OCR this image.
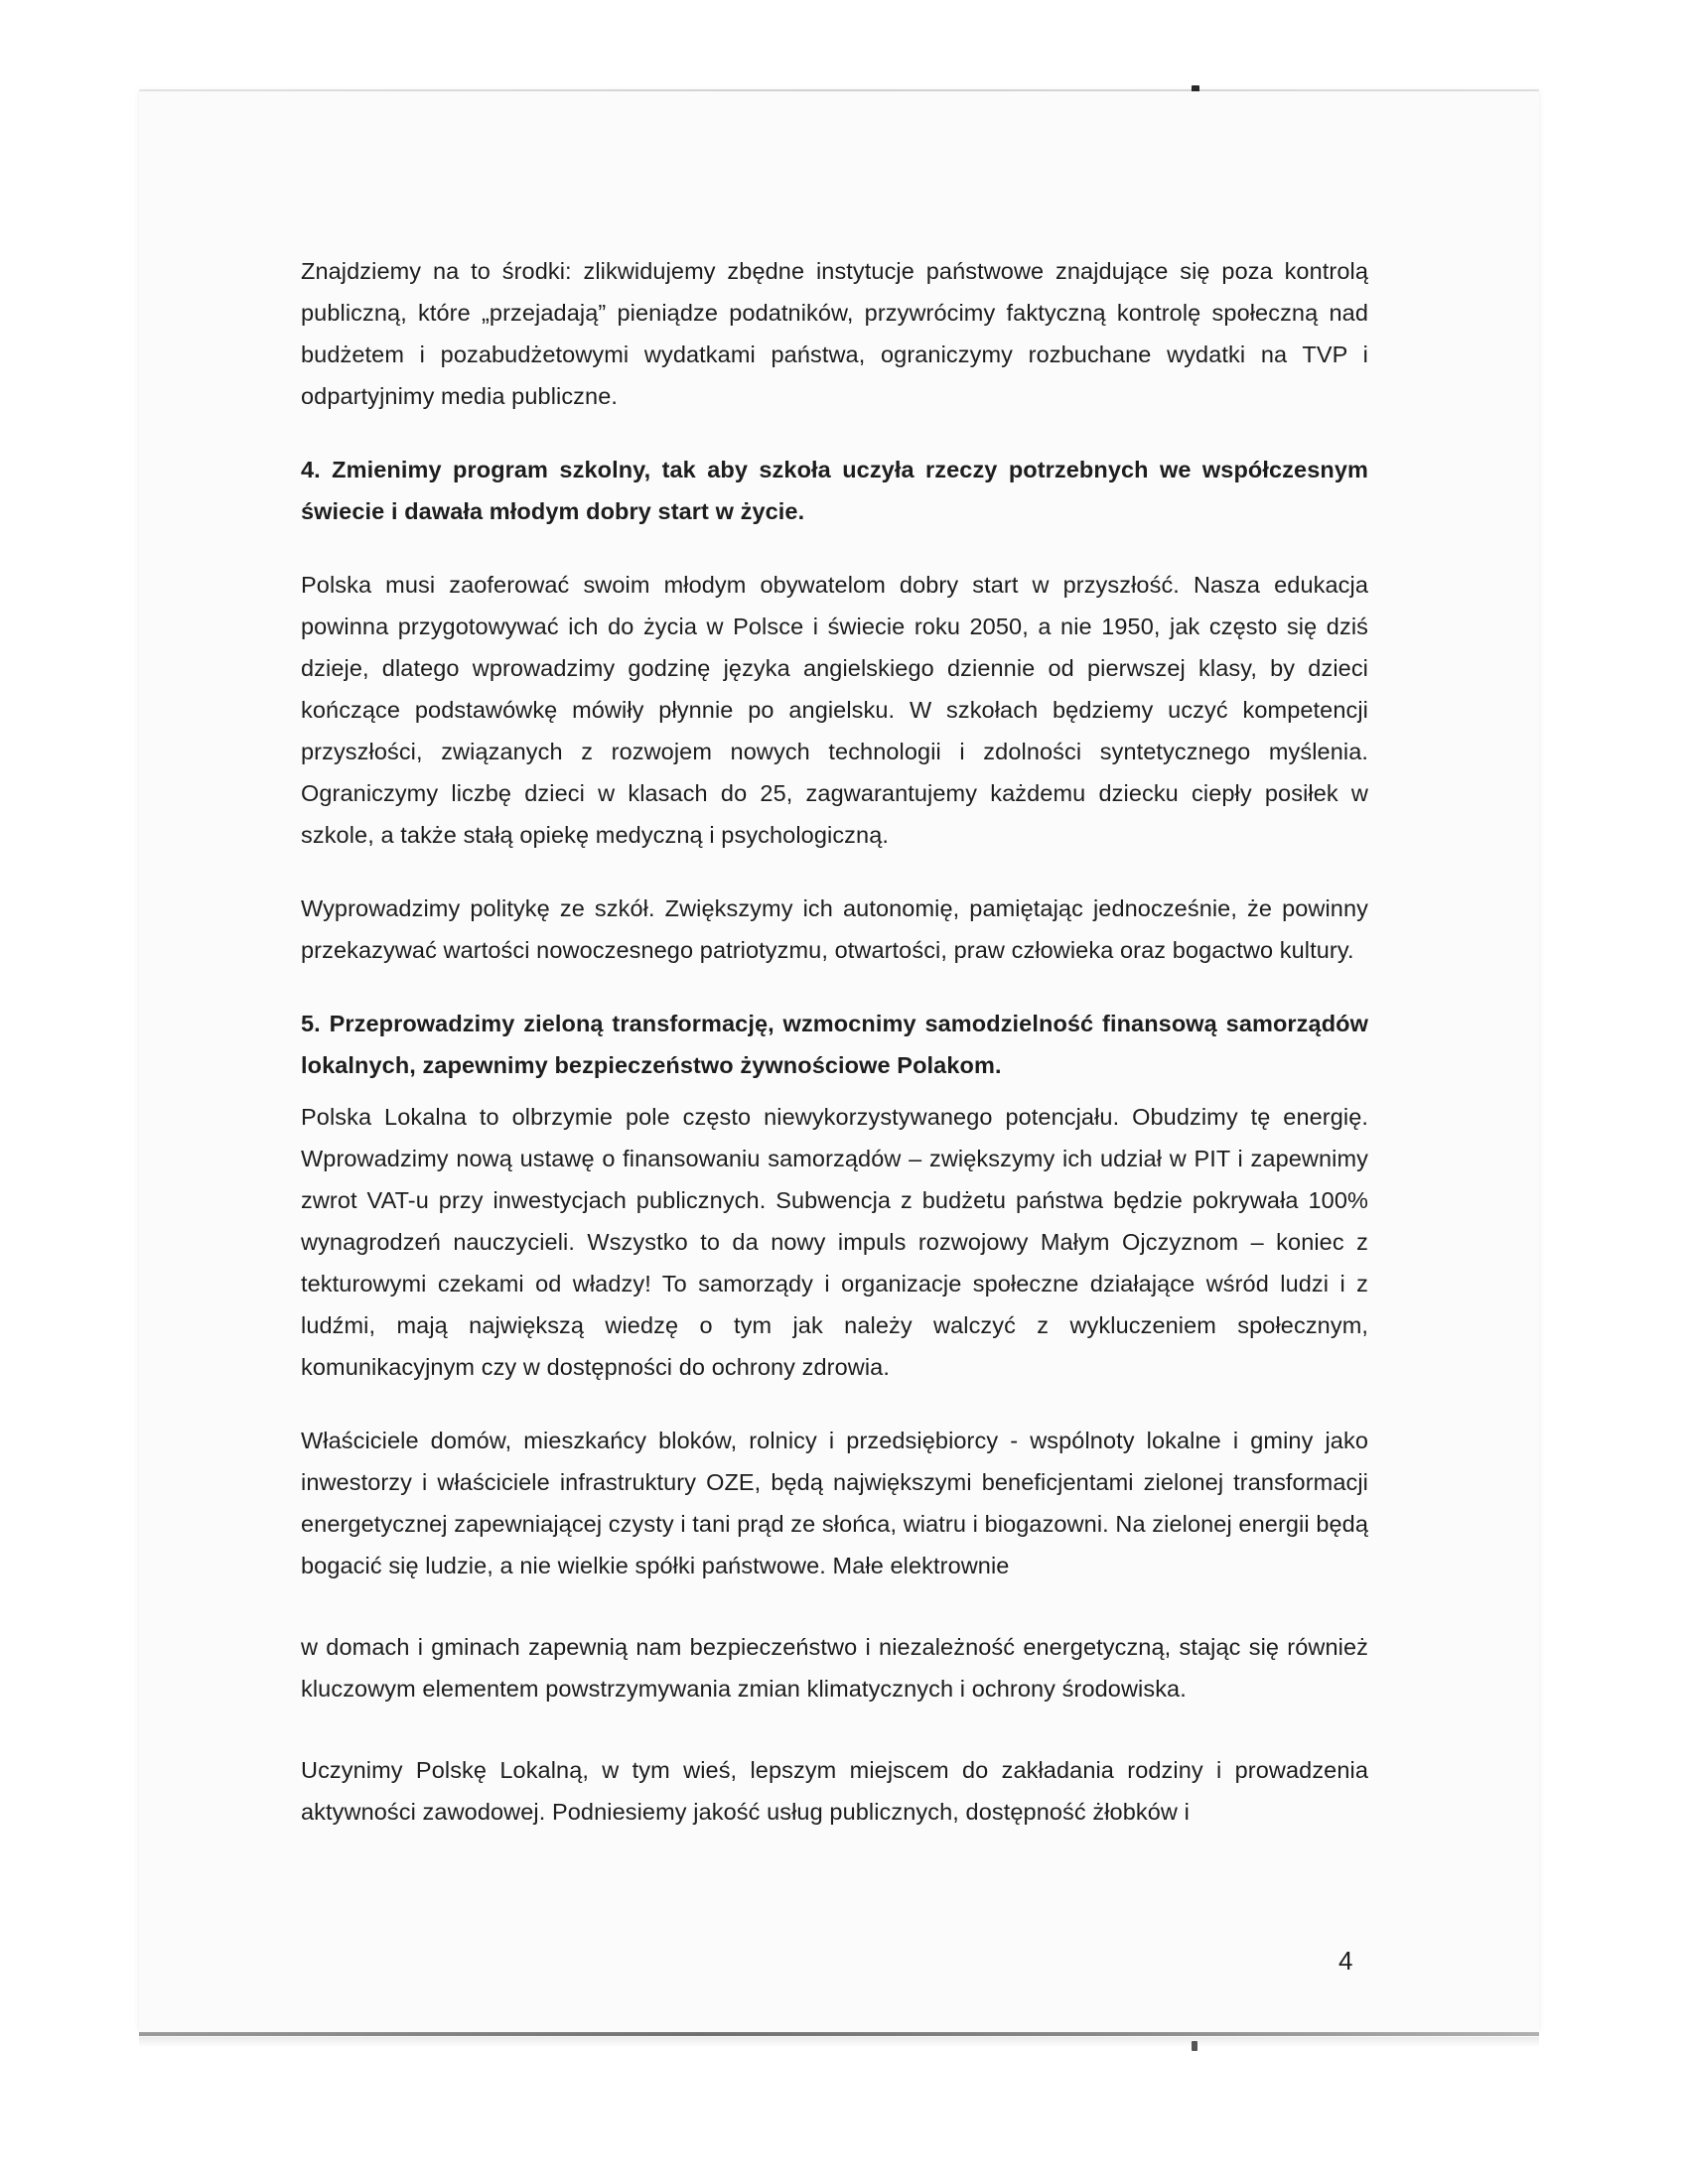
Znajdziemy na to środki: zlikwidujemy zbędne instytucje państwowe znajdujące się poza kontrolą publiczną, które „przejadają” pieniądze podatników, przywrócimy faktyczną kontrolę społeczną nad budżetem i pozabudżetowymi wydatkami państwa, ograniczymy rozbuchane wydatki na TVP i odpartyjnimy media publiczne.

4. Zmienimy program szkolny, tak aby szkoła uczyła rzeczy potrzebnych we współczesnym świecie i dawała młodym dobry start w życie.

Polska musi zaoferować swoim młodym obywatelom dobry start w przyszłość. Nasza edukacja powinna przygotowywać ich do życia w Polsce i świecie roku 2050, a nie 1950, jak często się dziś dzieje, dlatego wprowadzimy godzinę języka angielskiego dziennie od pierwszej klasy, by dzieci kończące podstawówkę mówiły płynnie po angielsku. W szkołach będziemy uczyć kompetencji przyszłości, związanych z rozwojem nowych technologii i zdolności syntetycznego myślenia. Ograniczymy liczbę dzieci w klasach do 25, zagwarantujemy każdemu dziecku ciepły posiłek w szkole, a także stałą opiekę medyczną i psychologiczną.

Wyprowadzimy politykę ze szkół. Zwiększymy ich autonomię, pamiętając jednocześnie, że powinny przekazywać wartości nowoczesnego patriotyzmu, otwartości, praw człowieka oraz bogactwo kultury.

5. Przeprowadzimy zieloną transformację, wzmocnimy samodzielność finansową samorządów lokalnych, zapewnimy bezpieczeństwo żywnościowe Polakom.

Polska Lokalna to olbrzymie pole często niewykorzystywanego potencjału. Obudzimy tę energię. Wprowadzimy nową ustawę o finansowaniu samorządów – zwiększymy ich udział w PIT i zapewnimy zwrot VAT-u przy inwestycjach publicznych. Subwencja z budżetu państwa będzie pokrywała 100% wynagrodzeń nauczycieli. Wszystko to da nowy impuls rozwojowy Małym Ojczyznom – koniec z tekturowymi czekami od władzy! To samorządy i organizacje społeczne działające wśród ludzi i z ludźmi, mają największą wiedzę o tym jak należy walczyć z wykluczeniem społecznym, komunikacyjnym czy w dostępności do ochrony zdrowia.

Właściciele domów, mieszkańcy bloków, rolnicy i przedsiębiorcy - wspólnoty lokalne i gminy jako inwestorzy i właściciele infrastruktury OZE, będą największymi beneficjentami zielonej transformacji energetycznej zapewniającej czysty i tani prąd ze słońca, wiatru i biogazowni. Na zielonej energii będą bogacić się ludzie, a nie wielkie spółki państwowe. Małe elektrownie

w domach i gminach zapewnią nam bezpieczeństwo i niezależność energetyczną, stając się również kluczowym elementem powstrzymywania zmian klimatycznych i ochrony środowiska.

Uczynimy Polskę Lokalną, w tym wieś, lepszym miejscem do zakładania rodziny i prowadzenia aktywności zawodowej. Podniesiemy jakość usług publicznych, dostępność żłobków i

4
